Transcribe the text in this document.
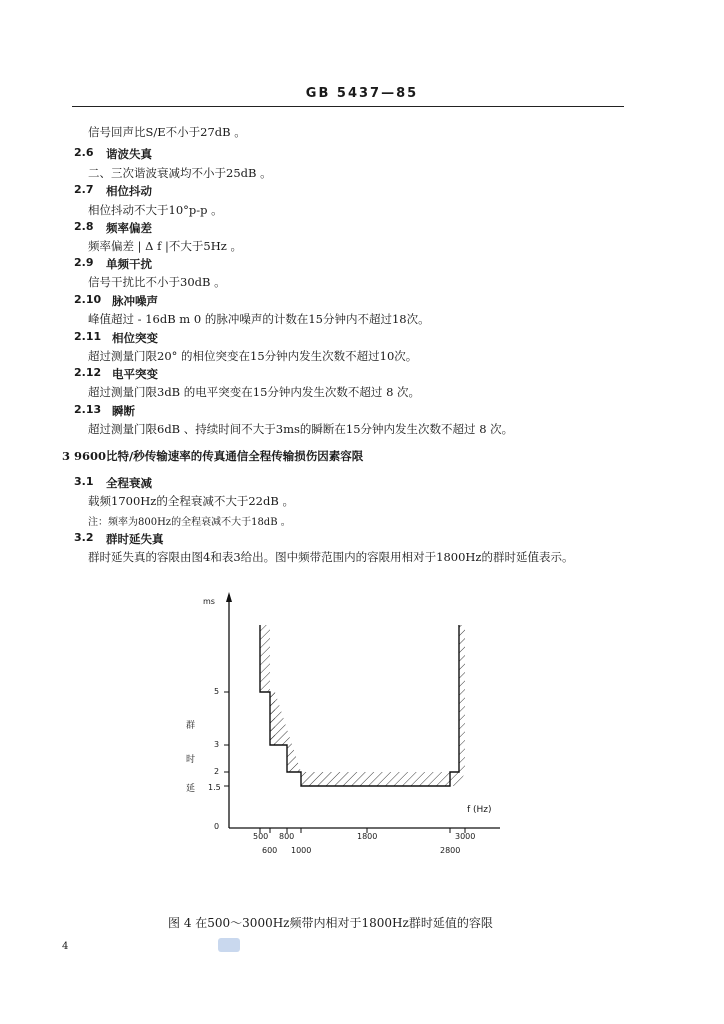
GB 5437—85
信号回声比S/E不小于27dB 。
2.6 谐波失真
二、三次谐波衰减均不小于25dB 。
2.7 相位抖动
相位抖动不大于10°p-p 。
2.8 频率偏差
频率偏差 | Δ f |不大于5Hz 。
2.9 单频干扰
信号干扰比不小于30dB 。
2.10 脉冲噪声
峰值超过 - 16dB m 0 的脉冲噪声的计数在15分钟内不超过18次。
2.11 相位突变
超过测量门限20° 的相位突变在15分钟内发生次数不超过10次。
2.12 电平突变
超过测量门限3dB 的电平突变在15分钟内发生次数不超过 8 次。
2.13 瞬断
超过测量门限6dB 、持续时间不大于3ms的瞬断在15分钟内发生次数不超过 8 次。
3 9600比特/秒传输速率的传真通信全程传输损伤因素容限
3.1 全程衰减
载频1700Hz的全程衰减不大于22dB 。
注：频率为800Hz的全程衰减不大于18dB 。
3.2 群时延失真
群时延失真的容限由图4和表3给出。图中频带范围内的容限用相对于1800Hz的群时延值表示。
ms
群
时
延
5
3
2
1.5
0
f (Hz)
500 800	1800	3000
600 1000	2800
图 4 在500～3000Hz频带内相对于1800Hz群时延值的容限
4
